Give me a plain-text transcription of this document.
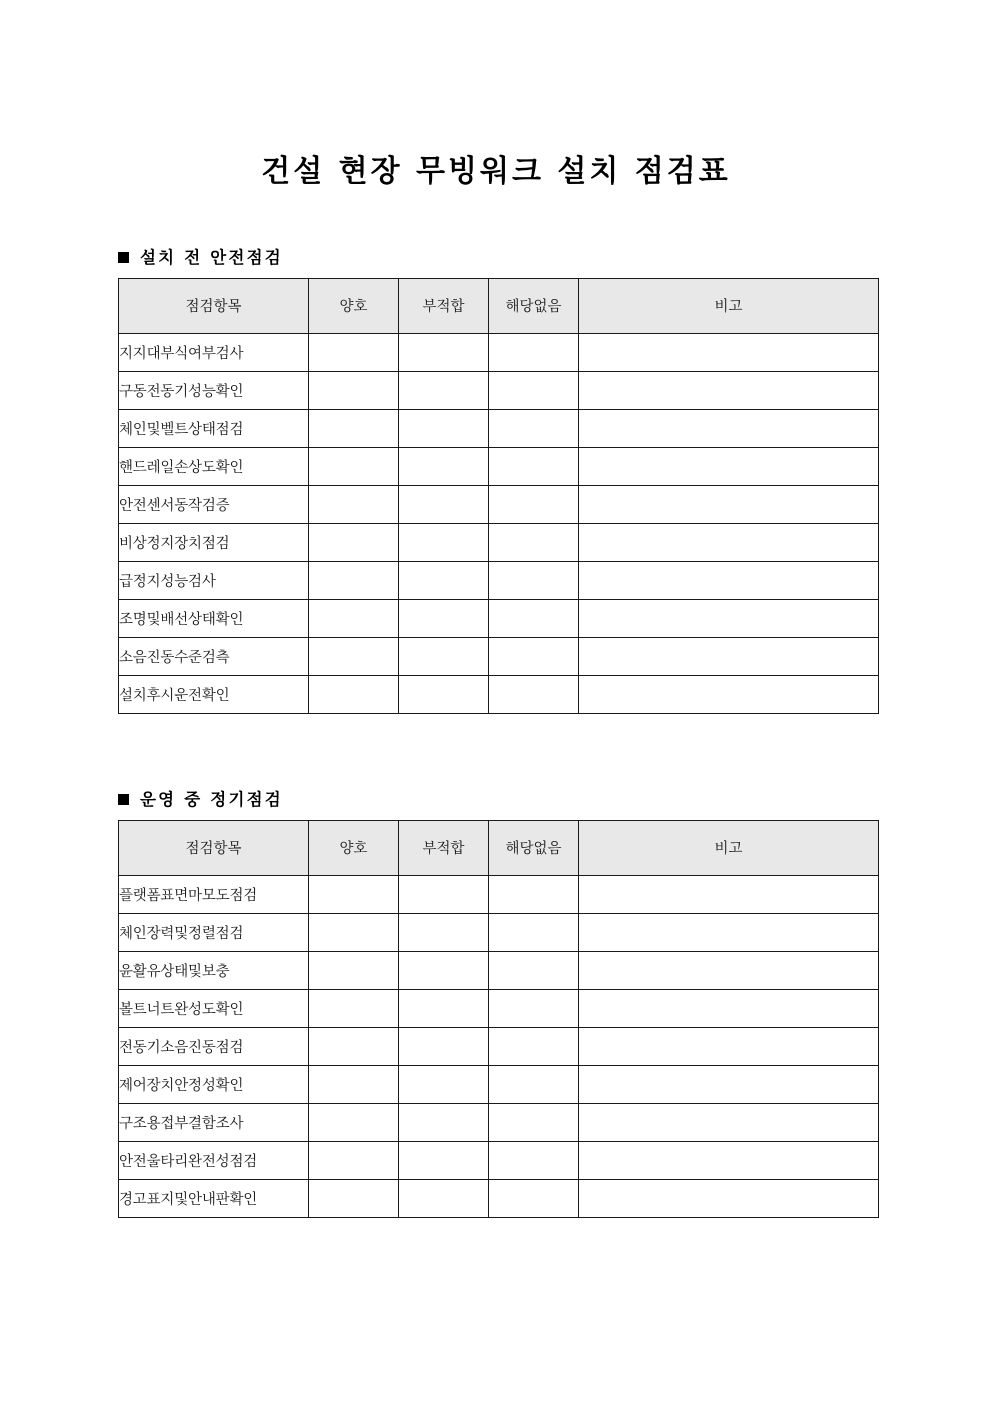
건설 현장 무빙워크 설치 점검표
설치 전 안전점검
점검항목	양호	부적합	해당없음	비고
지지대부식여부검사				
구동전동기성능확인				
체인및벨트상태점검				
핸드레일손상도확인				
안전센서동작검증				
비상정지장치점검				
급정지성능검사				
조명및배선상태확인				
소음진동수준검측				
설치후시운전확인				
운영 중 정기점검
점검항목	양호	부적합	해당없음	비고
플랫폼표면마모도점검				
체인장력및정렬점검				
윤활유상태및보충				
볼트너트완성도확인				
전동기소음진동점검				
제어장치안정성확인				
구조용접부결함조사				
안전울타리완전성점검				
경고표지및안내판확인				
